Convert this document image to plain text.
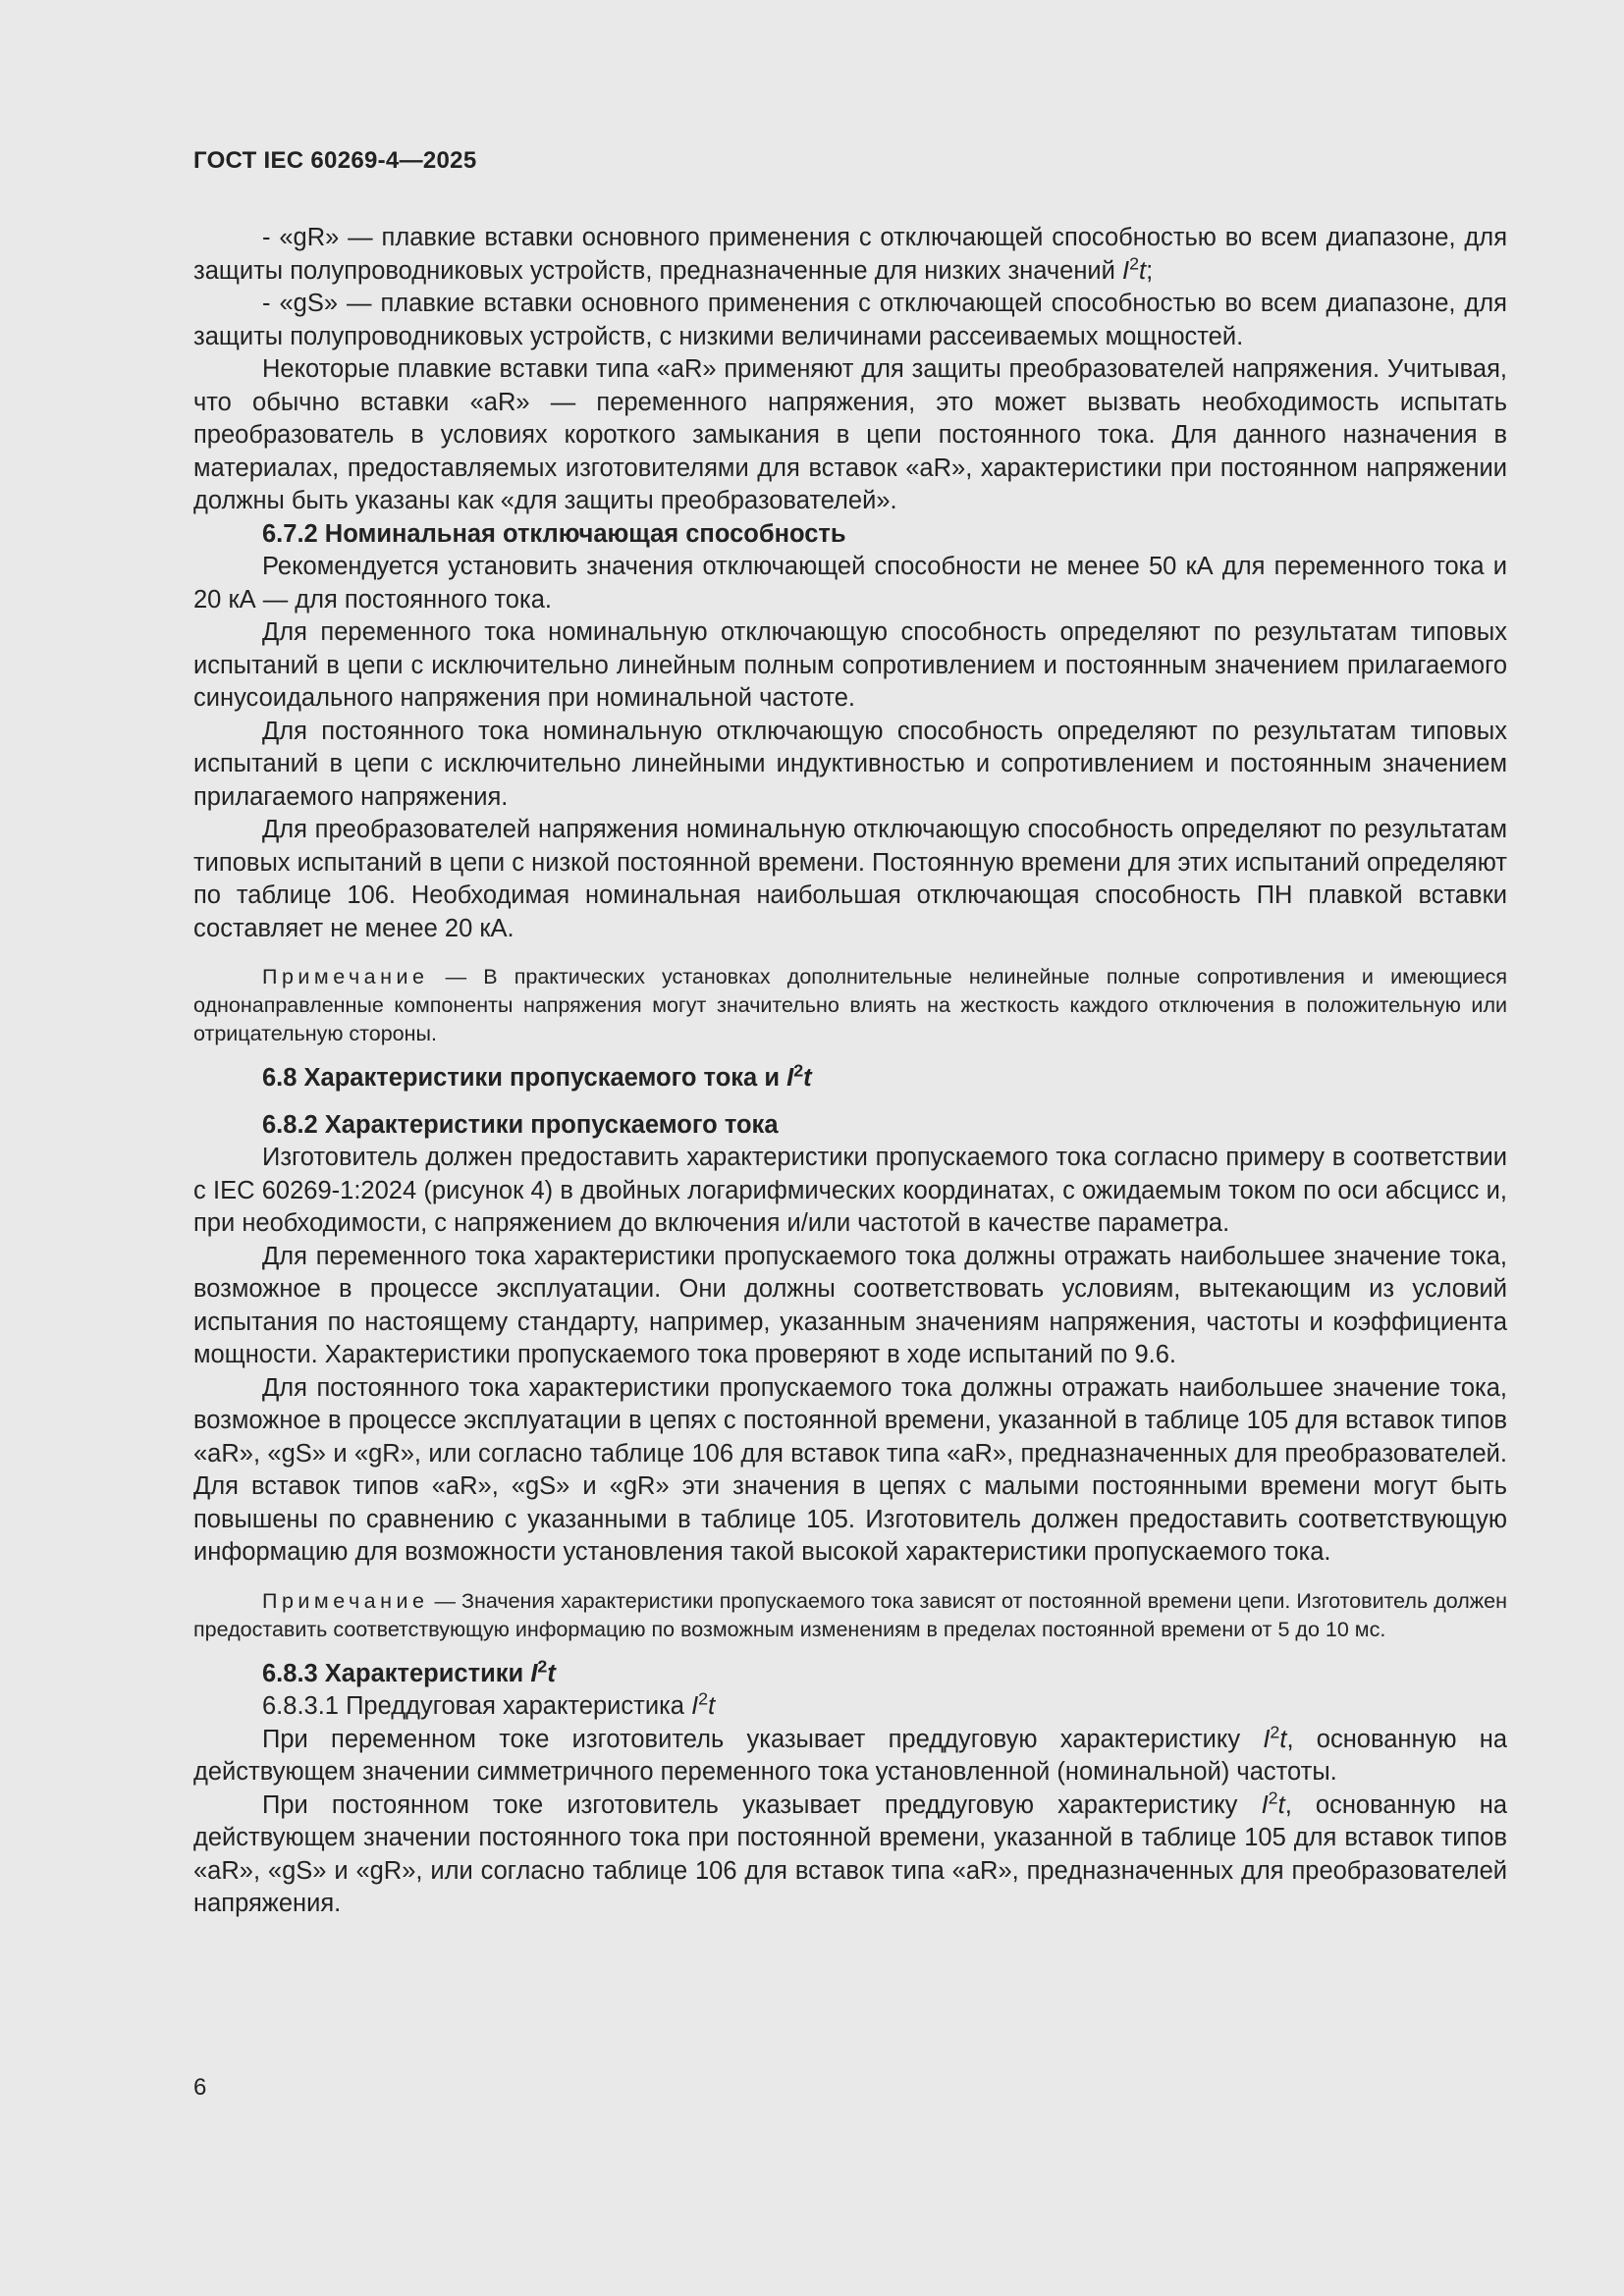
ГОСТ IEC 60269-4—2025

- «gR» — плавкие вставки основного применения с отключающей способностью во всем диапазоне, для защиты полупроводниковых устройств, предназначенные для низких значений $I^2t$;

- «gS» — плавкие вставки основного применения с отключающей способностью во всем диапазоне, для защиты полупроводниковых устройств, с низкими величинами рассеиваемых мощностей.

Некоторые плавкие вставки типа «aR» применяют для защиты преобразователей напряжения. Учитывая, что обычно вставки «aR» — переменного напряжения, это может вызвать необходимость испытать преобразователь в условиях короткого замыкания в цепи постоянного тока. Для данного назначения в материалах, предоставляемых изготовителями для вставок «aR», характеристики при постоянном напряжении должны быть указаны как «для защиты преобразователей».

6.7.2 Номинальная отключающая способность

Рекомендуется установить значения отключающей способности не менее 50 кА для переменного тока и 20 кА — для постоянного тока.

Для переменного тока номинальную отключающую способность определяют по результатам типовых испытаний в цепи с исключительно линейным полным сопротивлением и постоянным значением прилагаемого синусоидального напряжения при номинальной частоте.

Для постоянного тока номинальную отключающую способность определяют по результатам типовых испытаний в цепи с исключительно линейными индуктивностью и сопротивлением и постоянным значением прилагаемого напряжения.

Для преобразователей напряжения номинальную отключающую способность определяют по результатам типовых испытаний в цепи с низкой постоянной времени. Постоянную времени для этих испытаний определяют по таблице 106. Необходимая номинальная наибольшая отключающая способность ПН плавкой вставки составляет не менее 20 кА.

Примечание — В практических установках дополнительные нелинейные полные сопротивления и имеющиеся однонаправленные компоненты напряжения могут значительно влиять на жесткость каждого отключения в положительную или отрицательную стороны.

6.8 Характеристики пропускаемого тока и $I^2t$
6.8.2 Характеристики пропускаемого тока

Изготовитель должен предоставить характеристики пропускаемого тока согласно примеру в соответствии с IEC 60269-1:2024 (рисунок 4) в двойных логарифмических координатах, с ожидаемым током по оси абсцисс и, при необходимости, с напряжением до включения и/или частотой в качестве параметра.

Для переменного тока характеристики пропускаемого тока должны отражать наибольшее значение тока, возможное в процессе эксплуатации. Они должны соответствовать условиям, вытекающим из условий испытания по настоящему стандарту, например, указанным значениям напряжения, частоты и коэффициента мощности. Характеристики пропускаемого тока проверяют в ходе испытаний по 9.6.

Для постоянного тока характеристики пропускаемого тока должны отражать наибольшее значение тока, возможное в процессе эксплуатации в цепях с постоянной времени, указанной в таблице 105 для вставок типов «aR», «gS» и «gR», или согласно таблице 106 для вставок типа «aR», предназначенных для преобразователей. Для вставок типов «aR», «gS» и «gR» эти значения в цепях с малыми постоянными времени могут быть повышены по сравнению с указанными в таблице 105. Изготовитель должен предоставить соответствующую информацию для возможности установления такой высокой характеристики пропускаемого тока.

Примечание — Значения характеристики пропускаемого тока зависят от постоянной времени цепи. Изготовитель должен предоставить соответствующую информацию по возможным изменениям в пределах постоянной времени от 5 до 10 мс.

6.8.3 Характеристики $I^2t$
6.8.3.1 Преддуговая характеристика $I^2t$

При переменном токе изготовитель указывает преддуговую характеристику $I^2t$, основанную на действующем значении симметричного переменного тока установленной (номинальной) частоты.

При постоянном токе изготовитель указывает преддуговую характеристику $I^2t$, основанную на действующем значении постоянного тока при постоянной времени, указанной в таблице 105 для вставок типов «aR», «gS» и «gR», или согласно таблице 106 для вставок типа «aR», предназначенных для преобразователей напряжения.

6
